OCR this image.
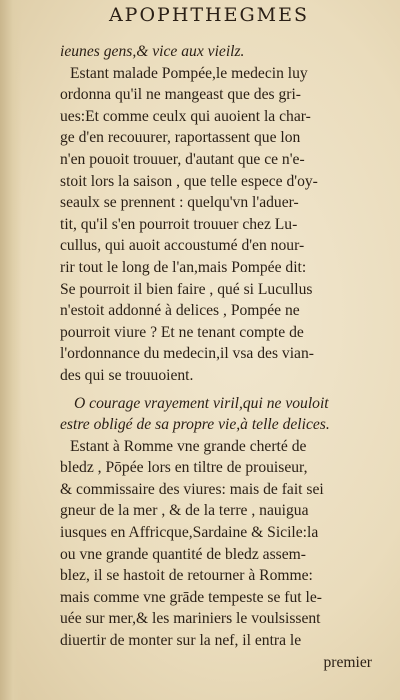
APOPHTHEGMES
ieunes gens,& vice aux vieilz.
Estant malade Pompée,le medecin luy
ordonna qu'il ne mangeast que des gri-
ues:Et comme ceulx qui auoient la char-
ge d'en recouurer, raportassent que lon
n'en pouoit trouuer, d'autant que ce n'e-
stoit lors la saison , que telle espece d'oy-
seaulx se prennent : quelqu'vn l'aduer-
tit, qu'il s'en pourroit trouuer chez Lu-
cullus, qui auoit accoustumé d'en nour-
rir tout le long de l'an,mais Pompée dit:
Se pourroit il bien faire , qué si Lucullus
n'estoit addonné à delices , Pompée ne
pourroit viure ? Et ne tenant compte de
l'ordonnance du medecin,il vsa des vian-
des qui se trouuoient.
O courage vrayement viril,qui ne vouloit
estre obligé de sa propre vie,à telle delices.
Estant à Romme vne grande cherté de
bledz , Pōpée lors en tiltre de prouiseur,
& commissaire des viures: mais de fait sei
gneur de la mer , & de la terre , nauigua
iusques en Affricque,Sardaine & Sicile:la
ou vne grande quantité de bledz assem-
blez, il se hastoit de retourner à Romme:
mais comme vne grāde tempeste se fut le-
uée sur mer,& les mariniers le voulsissent
diuertir de monter sur la nef, il entra le
premier
